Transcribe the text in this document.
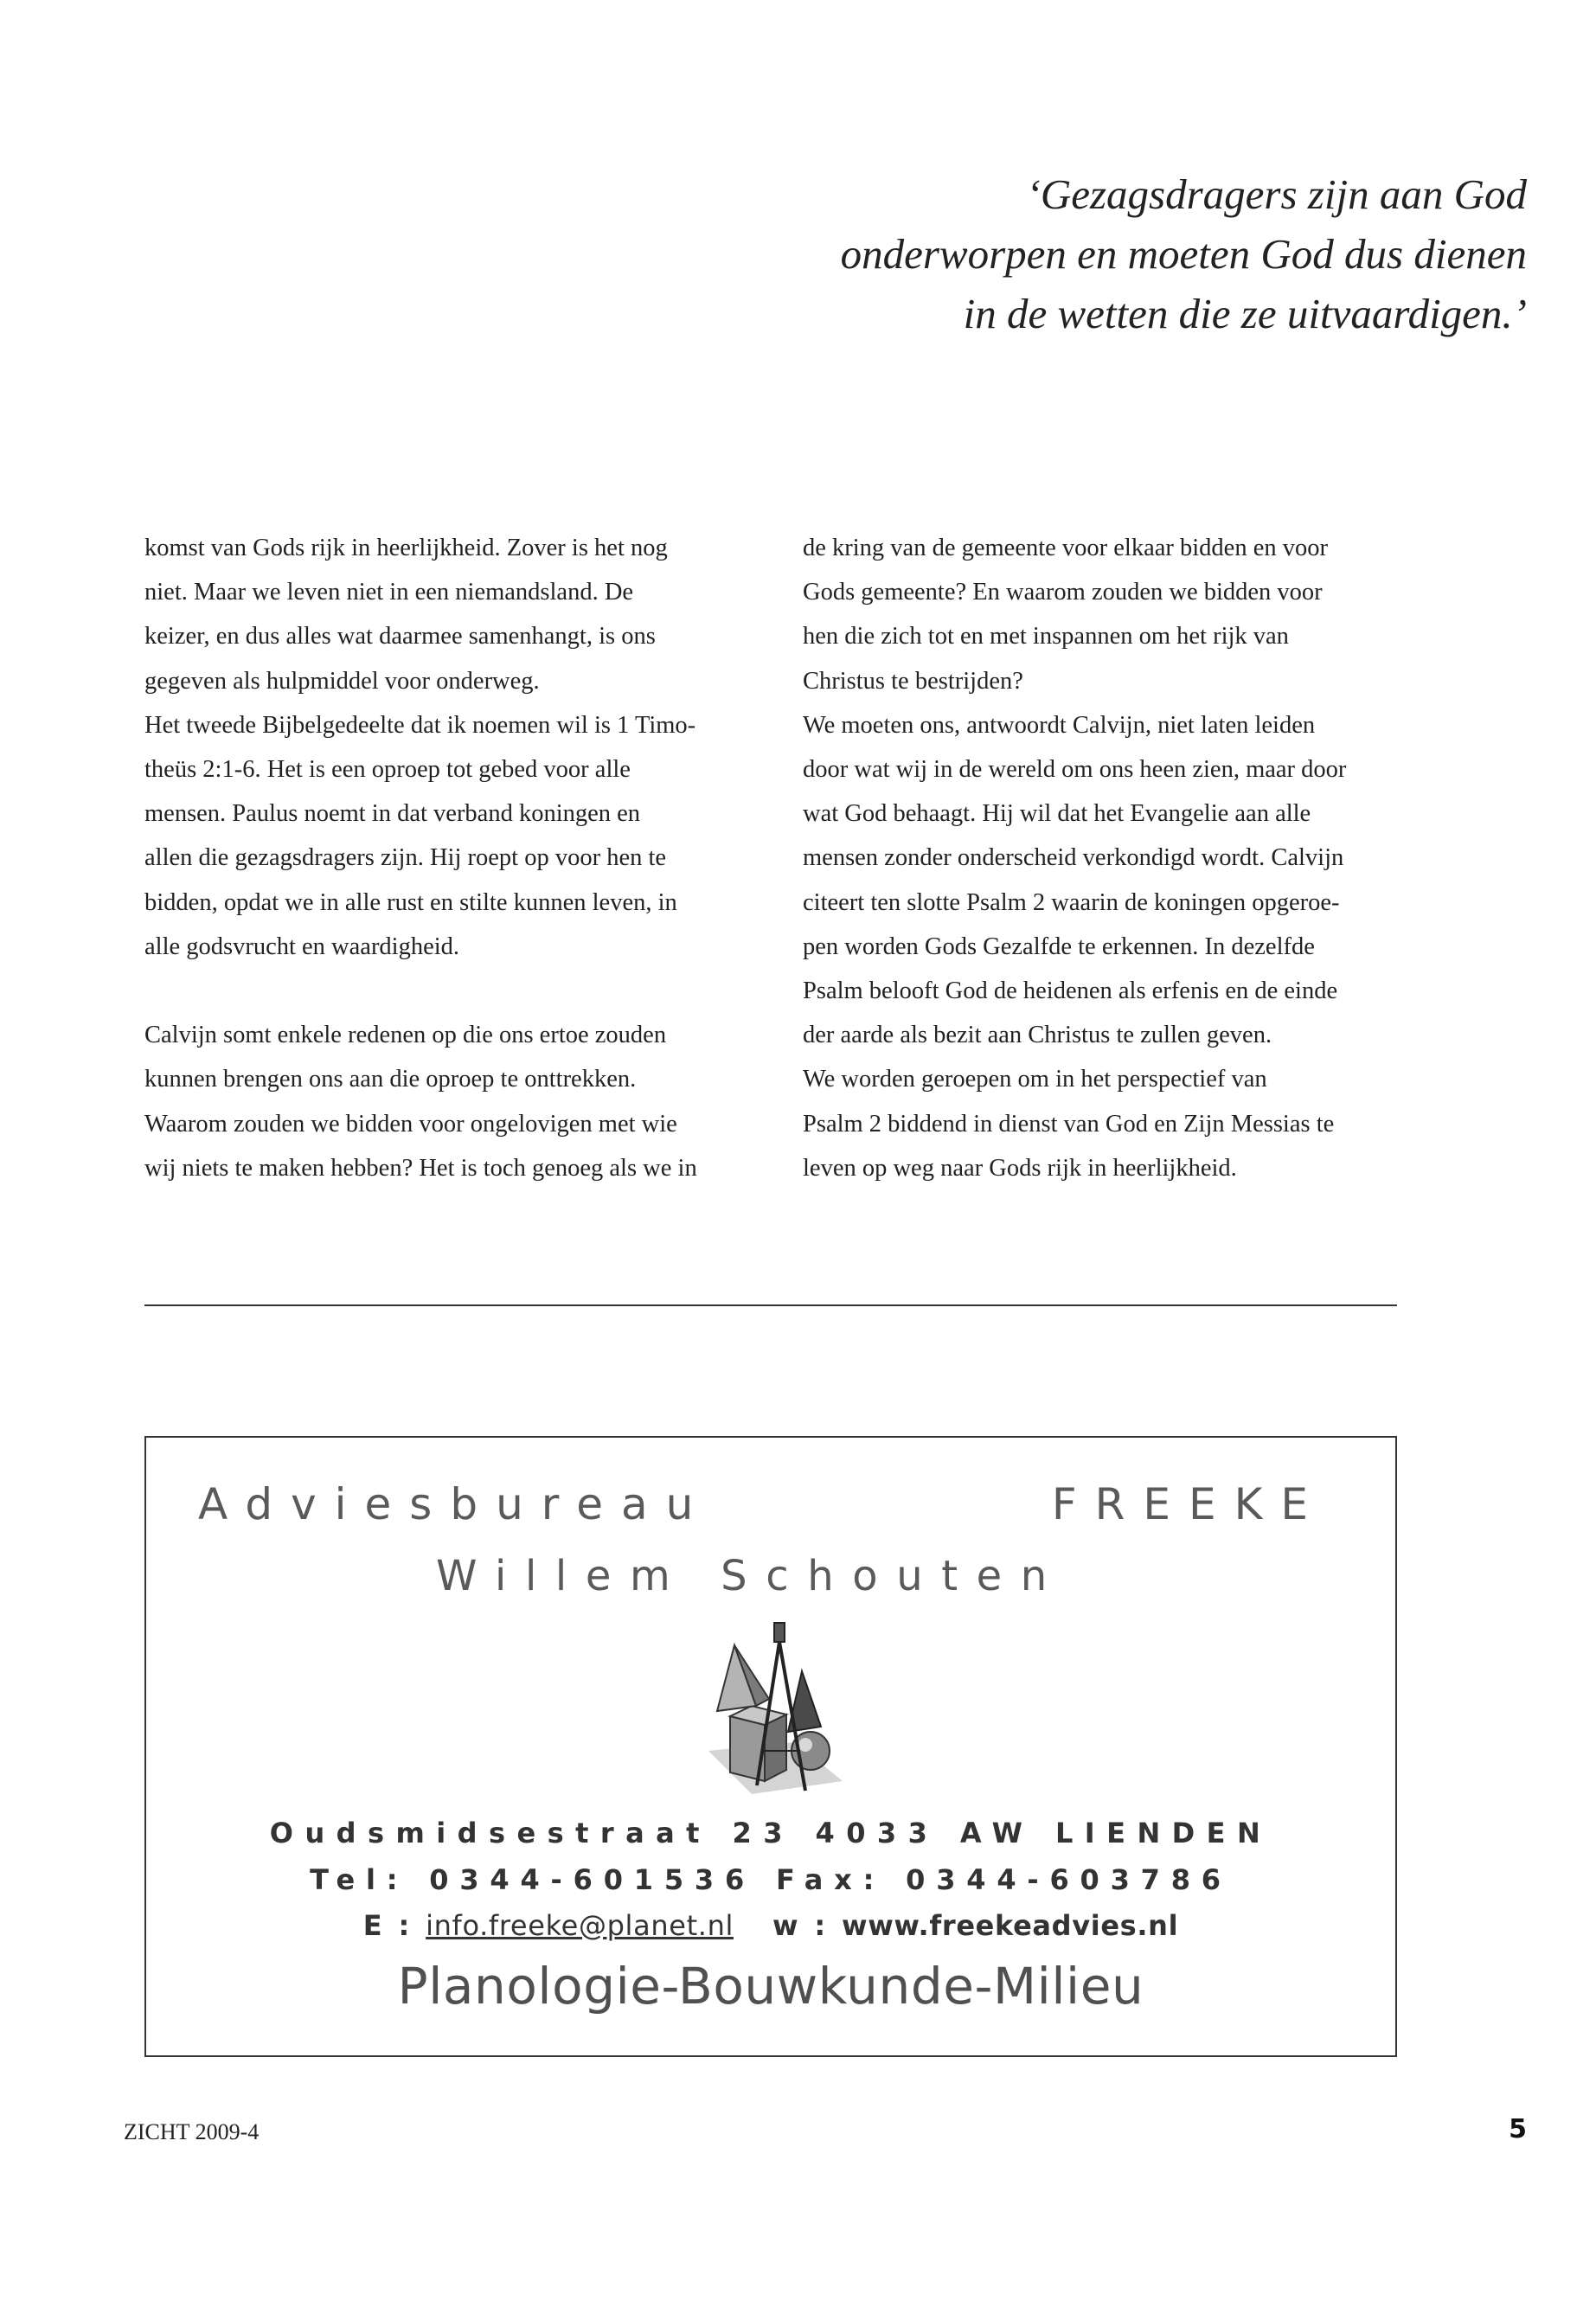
‘Gezagsdragers zijn aan God
onderworpen en moeten God dus dienen
in de wetten die ze uitvaardigen.’
komst van Gods rijk in heerlijkheid. Zover is het nog
niet. Maar we leven niet in een niemandsland. De
keizer, en dus alles wat daarmee samenhangt, is ons
gegeven als hulpmiddel voor onderweg.
Het tweede Bijbelgedeelte dat ik noemen wil is 1 Timo-
theüs 2:1-6. Het is een oproep tot gebed voor alle
mensen. Paulus noemt in dat verband koningen en
allen die gezagsdragers zijn. Hij roept op voor hen te
bidden, opdat we in alle rust en stilte kunnen leven, in
alle godsvrucht en waardigheid.
Calvijn somt enkele redenen op die ons ertoe zouden
kunnen brengen ons aan die oproep te onttrekken.
Waarom zouden we bidden voor ongelovigen met wie
wij niets te maken hebben? Het is toch genoeg als we in
de kring van de gemeente voor elkaar bidden en voor
Gods gemeente? En waarom zouden we bidden voor
hen die zich tot en met inspannen om het rijk van
Christus te bestrijden?
We moeten ons, antwoordt Calvijn, niet laten leiden
door wat wij in de wereld om ons heen zien, maar door
wat God behaagt. Hij wil dat het Evangelie aan alle
mensen zonder onderscheid verkondigd wordt. Calvijn
citeert ten slotte Psalm 2 waarin de koningen opgeroe-
pen worden Gods Gezalfde te erkennen. In dezelfde
Psalm belooft God de heidenen als erfenis en de einde
der aarde als bezit aan Christus te zullen geven.
We worden geroepen om in het perspectief van
Psalm 2 biddend in dienst van God en Zijn Messias te
leven op weg naar Gods rijk in heerlijkheid.
Adviesbureau	FREEKE
Willem Schouten
Oudsmidsestraat 23 4033 AW LIENDEN
Tel: 0344-601536 Fax: 0344-603786
E : info.freeke@planet.nl w : www.freekeadvies.nl
Planologie-Bouwkunde-Milieu
ZICHT 2009-4	5
